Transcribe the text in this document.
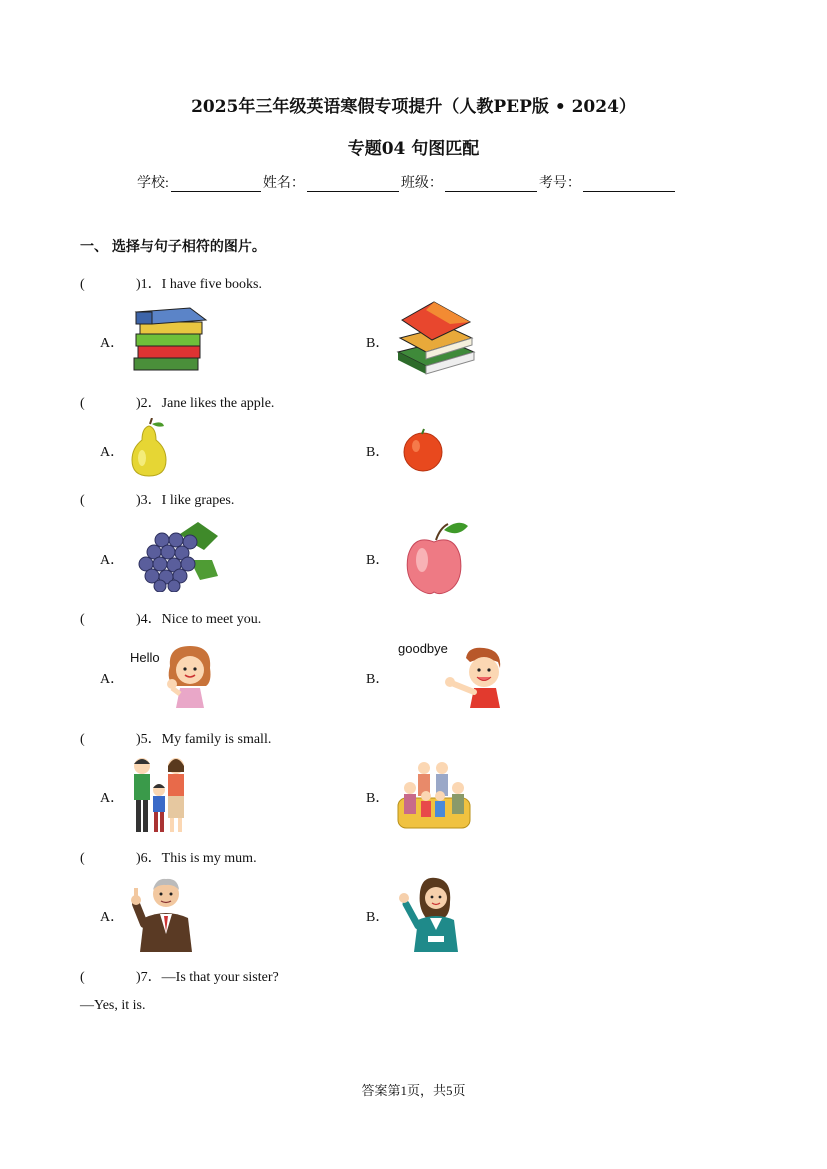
2025年三年级英语寒假专项提升（人教PEP版 • 2024）
专题04 句图匹配
学校:	姓名：	班级：	考号：
一、 选择与句子相符的图片。
(	)1．I have five books.
A．	B．
(	)2．Jane likes the apple.
A．	B．
(	)3．I like grapes.
A．	B．
(	)4．Nice to meet you.
A．
Hello
B．
goodbye
(	)5．My family is small.
A．	B．
(	)6．This is my mum.
A．	B．
(	)7．—Is that your sister?
—Yes, it is.
答案第1页，共5页
